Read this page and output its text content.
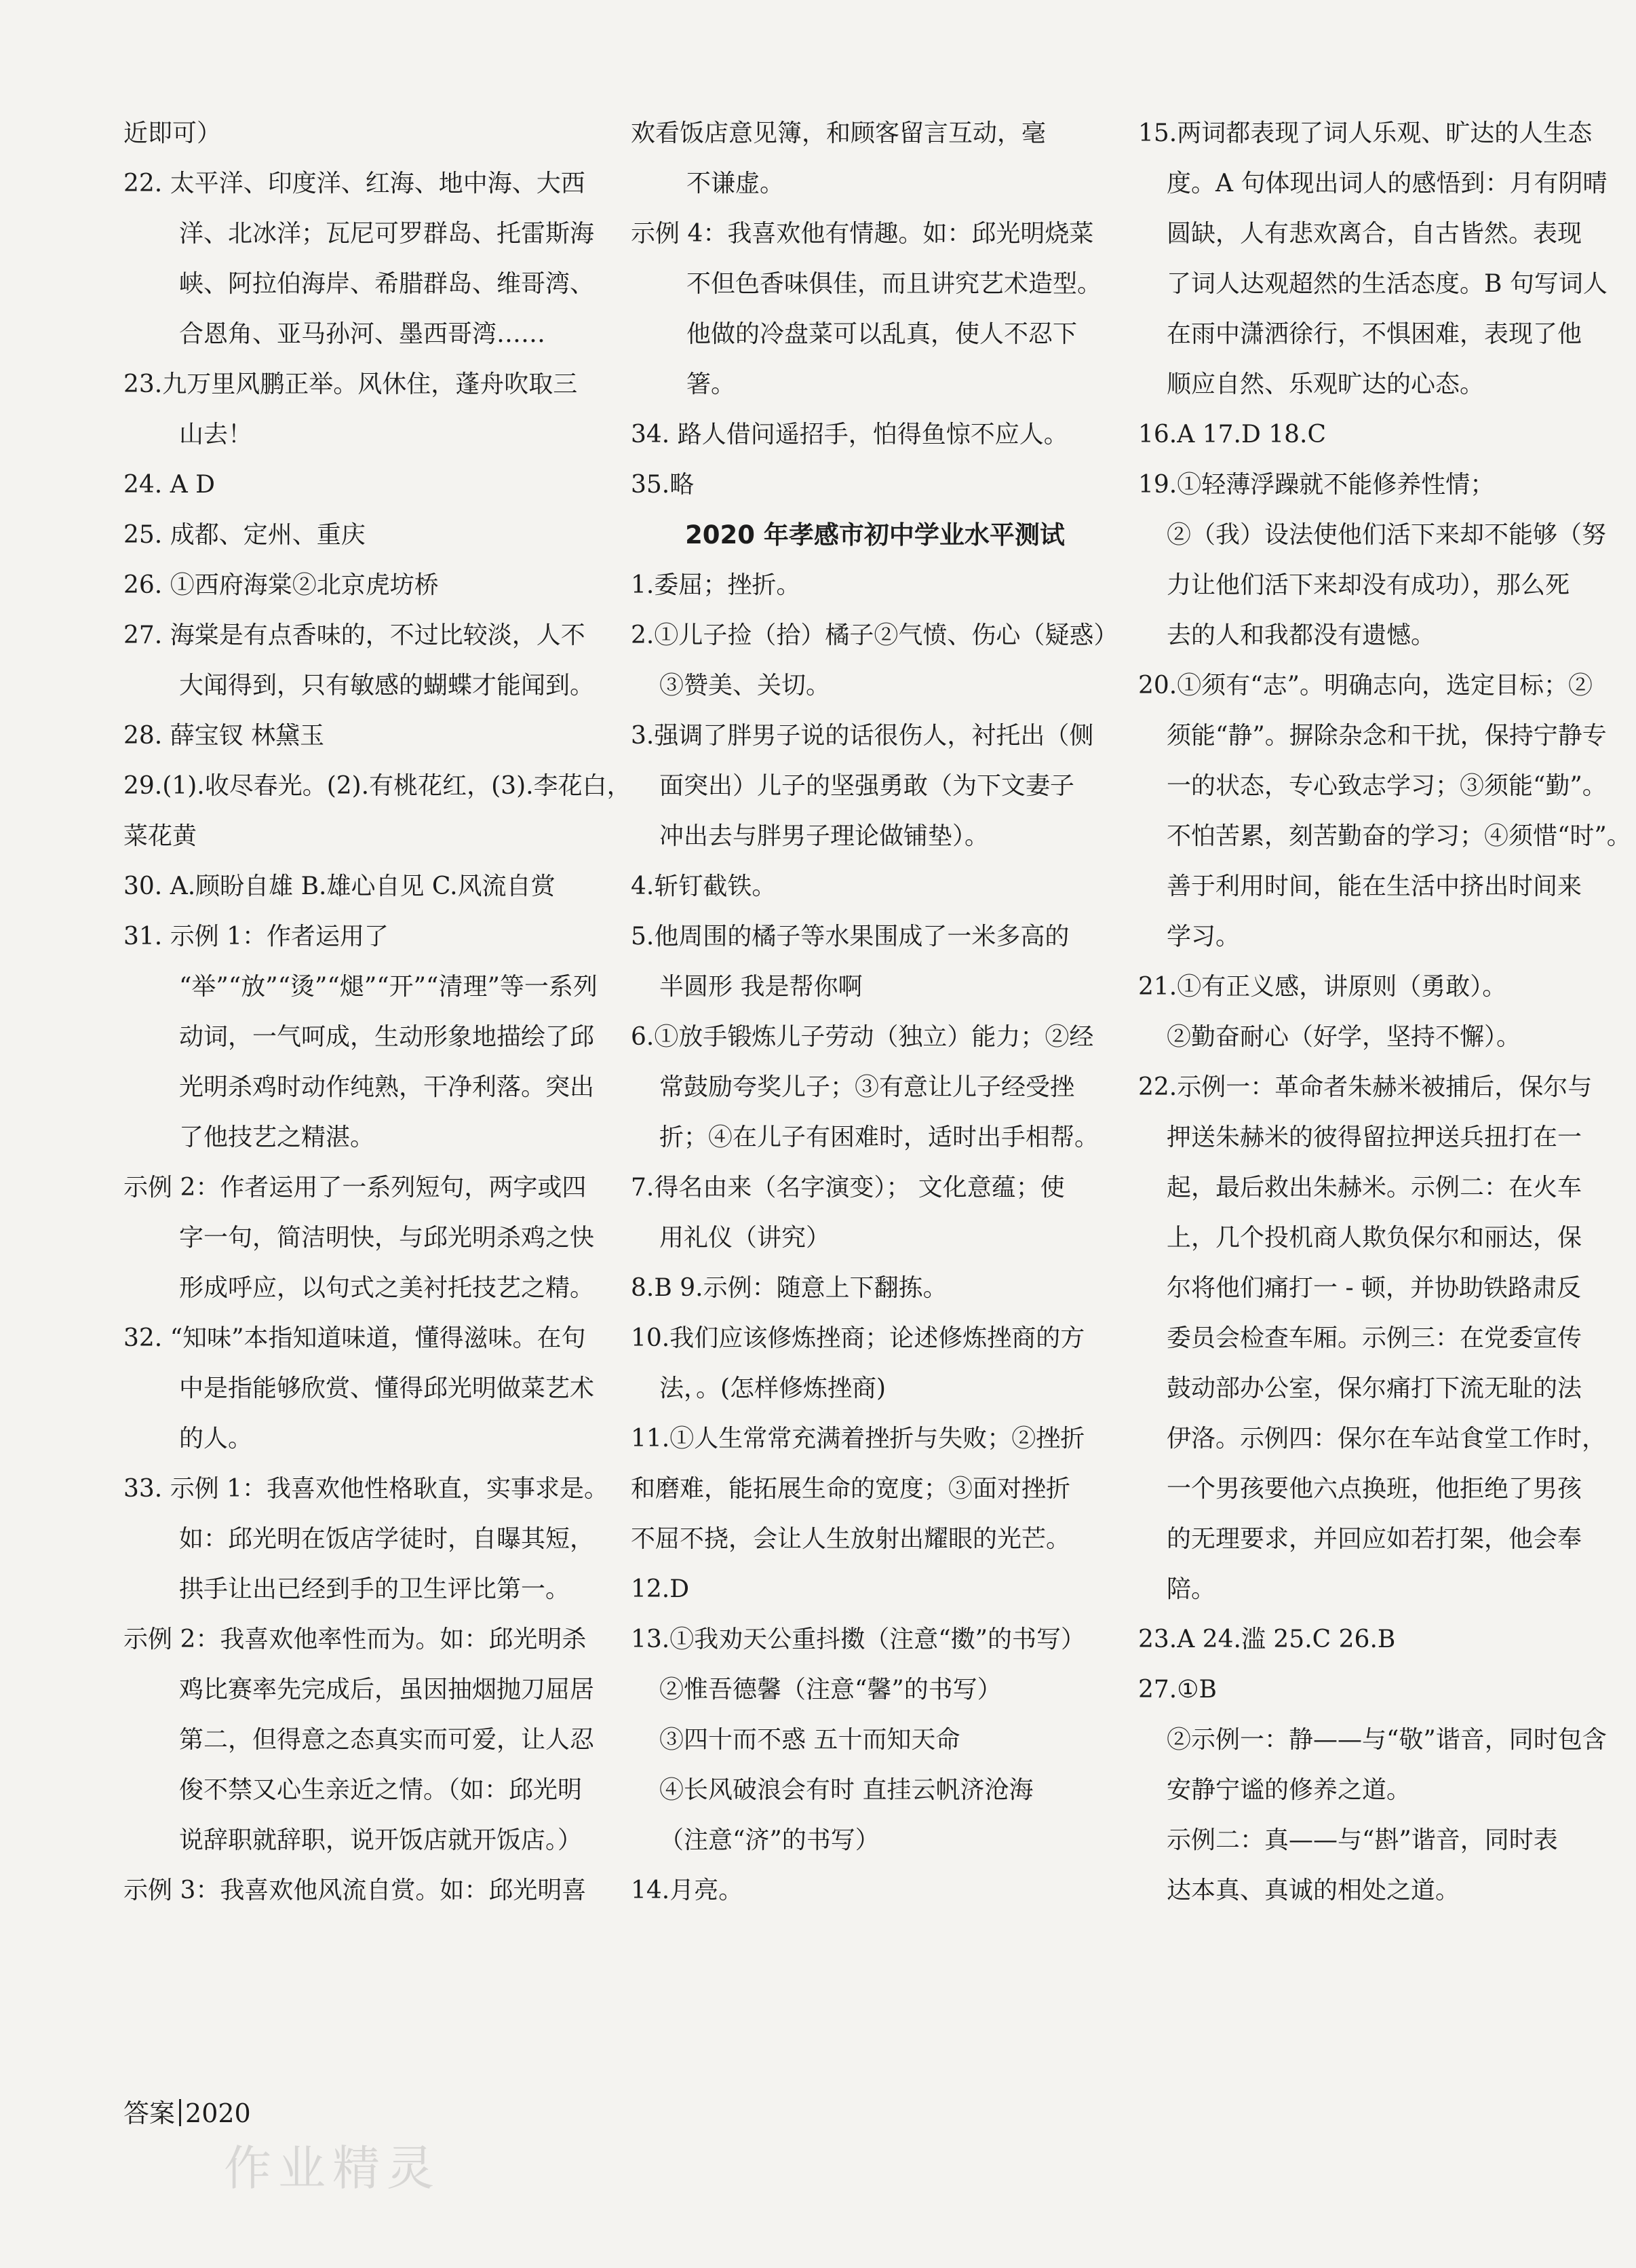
近即可）
22. 太平洋、印度洋、红海、地中海、大西
洋、北冰洋；瓦尼可罗群岛、托雷斯海
峡、阿拉伯海岸、希腊群岛、维哥湾、
合恩角、亚马孙河、墨西哥湾……
23.九万里风鹏正举。风休住，蓬舟吹取三
山去！
24. A D
25. 成都、定州、重庆
26. ①西府海棠②北京虎坊桥
27. 海棠是有点香味的，不过比较淡，人不
大闻得到，只有敏感的蝴蝶才能闻到。
28. 薛宝钗 林黛玉
29.(1).收尽春光。(2).有桃花红，(3).李花白，
菜花黄
30. A.顾盼自雄 B.雄心自见 C.风流自赏
31. 示例 1：作者运用了
“举”“放”“烫”“煺”“开”“清理”等一系列
动词，一气呵成，生动形象地描绘了邱
光明杀鸡时动作纯熟，干净利落。突出
了他技艺之精湛。
示例 2：作者运用了一系列短句，两字或四
字一句，简洁明快，与邱光明杀鸡之快
形成呼应，以句式之美衬托技艺之精。
32. “知味”本指知道味道，懂得滋味。在句
中是指能够欣赏、懂得邱光明做菜艺术
的人。
33. 示例 1：我喜欢他性格耿直，实事求是。
如：邱光明在饭店学徒时，自曝其短，
拱手让出已经到手的卫生评比第一。
示例 2：我喜欢他率性而为。如：邱光明杀
鸡比赛率先完成后，虽因抽烟抛刀屈居
第二，但得意之态真实而可爱，让人忍
俊不禁又心生亲近之情。（如：邱光明
说辞职就辞职，说开饭店就开饭店。）
示例 3：我喜欢他风流自赏。如：邱光明喜
欢看饭店意见簿，和顾客留言互动，毫
不谦虚。
示例 4：我喜欢他有情趣。如：邱光明烧菜
不但色香味俱佳，而且讲究艺术造型。
他做的冷盘菜可以乱真，使人不忍下
箸。
34. 路人借问遥招手，怕得鱼惊不应人。
35.略
2020 年孝感市初中学业水平测试
1.委屈；挫折。
2.①儿子捡（拾）橘子②气愤、伤心（疑惑）
③赞美、关切。
3.强调了胖男子说的话很伤人，衬托出（侧
面突出）儿子的坚强勇敢（为下文妻子
冲出去与胖男子理论做铺垫）。
4.斩钉截铁。
5.他周围的橘子等水果围成了一米多高的
半圆形 我是帮你啊
6.①放手锻炼儿子劳动（独立）能力；②经
常鼓励夸奖儿子；③有意让儿子经受挫
折；④在儿子有困难时，适时出手相帮。
7.得名由来（名字演变）； 文化意蕴；使
用礼仪（讲究）
8.B 9.示例：随意上下翻拣。
10.我们应该修炼挫商；论述修炼挫商的方
法，。(怎样修炼挫商)
11.①人生常常充满着挫折与失败；②挫折
和磨难，能拓展生命的宽度；③面对挫折
不屈不挠，会让人生放射出耀眼的光芒。
12.D
13.①我劝天公重抖擞（注意“擞”的书写）
②惟吾德馨（注意“馨”的书写）
③四十而不惑 五十而知天命
④长风破浪会有时 直挂云帆济沧海
（注意“济”的书写）
14.月亮。
15.两词都表现了词人乐观、旷达的人生态
度。A 句体现出词人的感悟到：月有阴晴
圆缺，人有悲欢离合，自古皆然。表现
了词人达观超然的生活态度。B 句写词人
在雨中潇洒徐行，不惧困难，表现了他
顺应自然、乐观旷达的心态。
16.A 17.D 18.C
19.①轻薄浮躁就不能修养性情；
②（我）设法使他们活下来却不能够（努
力让他们活下来却没有成功），那么死
去的人和我都没有遗憾。
20.①须有“志”。明确志向，选定目标；②
须能“静”。摒除杂念和干扰，保持宁静专
一的状态，专心致志学习；③须能“勤”。
不怕苦累，刻苦勤奋的学习；④须惜“时”。
善于利用时间，能在生活中挤出时间来
学习。
21.①有正义感，讲原则（勇敢）。
②勤奋耐心（好学，坚持不懈）。
22.示例一：革命者朱赫米被捕后，保尔与
押送朱赫米的彼得留拉押送兵扭打在一
起，最后救出朱赫米。示例二：在火车
上，几个投机商人欺负保尔和丽达，保
尔将他们痛打一 - 顿，并协助铁路肃反
委员会检查车厢。示例三：在党委宣传
鼓动部办公室，保尔痛打下流无耻的法
伊洛。示例四：保尔在车站食堂工作时，
一个男孩要他六点换班，他拒绝了男孩
的无理要求，并回应如若打架，他会奉
陪。
23.A 24.滥 25.C 26.B
27.①B
②示例一：静——与“敬”谐音，同时包含
安静宁谧的修养之道。
示例二：真——与“斟”谐音，同时表
达本真、真诚的相处之道。
答案 2020
作业精灵
